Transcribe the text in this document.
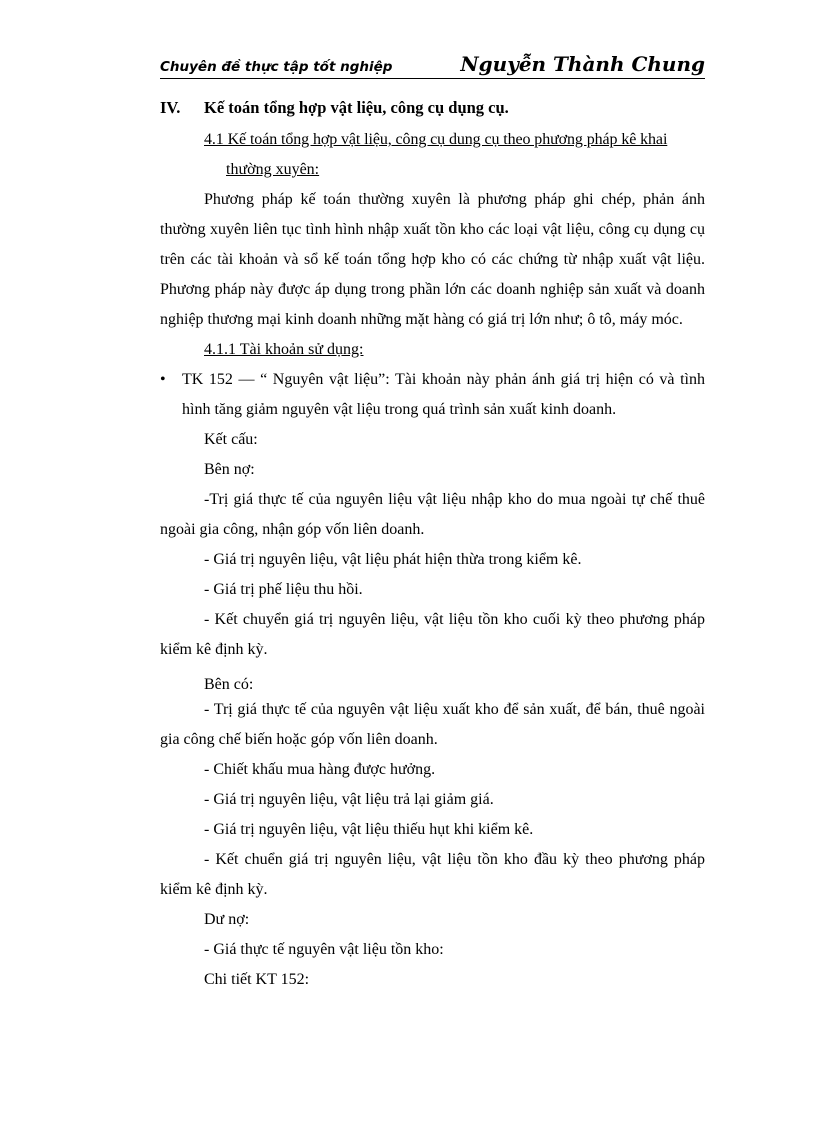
Chuyên đề thực tập tốt nghiệp	Nguyễn Thành Chung
IV.	Kế toán tổng hợp vật liệu, công cụ dụng cụ.
4.1 Kế toán tổng hợp vật liệu, công cụ dung cụ theo phương pháp kê khai
thường xuyên:
Phương pháp kế toán thường xuyên là phương pháp ghi chép, phản ánh thường xuyên liên tục tình hình nhập xuất tồn kho các loại vật liệu, công cụ dụng cụ trên các tài khoản và sổ kế toán tổng hợp kho có các chứng từ nhập xuất vật liệu. Phương pháp này được áp dụng trong phần lớn các doanh nghiệp sản xuất và doanh nghiệp thương mại kinh doanh những mặt hàng có giá trị lớn như; ô tô, máy móc.
4.1.1 Tài khoản sử dụng:
• TK 152 — “ Nguyên vật liệu”: Tài khoản này phản ánh giá trị hiện có và tình hình tăng giảm nguyên vật liệu trong quá trình sản xuất kinh doanh.
Kết cấu:
Bên nợ:
-Trị giá thực tế của nguyên liệu vật liệu nhập kho do mua ngoài tự chế thuê ngoài gia công, nhận góp vốn liên doanh.
- Giá trị nguyên liệu, vật liệu phát hiện thừa trong kiểm kê.
- Giá trị phế liệu thu hồi.
- Kết chuyển giá trị nguyên liệu, vật liệu tồn kho cuối kỳ theo phương pháp kiểm kê định kỳ.
Bên có:
- Trị giá thực tế của nguyên vật liệu xuất kho để sản xuất, để bán, thuê ngoài gia công chế biến hoặc góp vốn liên doanh.
- Chiết khấu mua hàng được hưởng.
- Giá trị nguyên liệu, vật liệu trả lại giảm giá.
- Giá trị nguyên liệu, vật liệu thiếu hụt khi kiểm kê.
- Kết chuển giá trị nguyên liệu, vật liệu tồn kho đầu kỳ theo phương pháp kiểm kê định kỳ.
Dư nợ:
- Giá thực tế nguyên vật liệu tồn kho:
Chi tiết KT 152:
